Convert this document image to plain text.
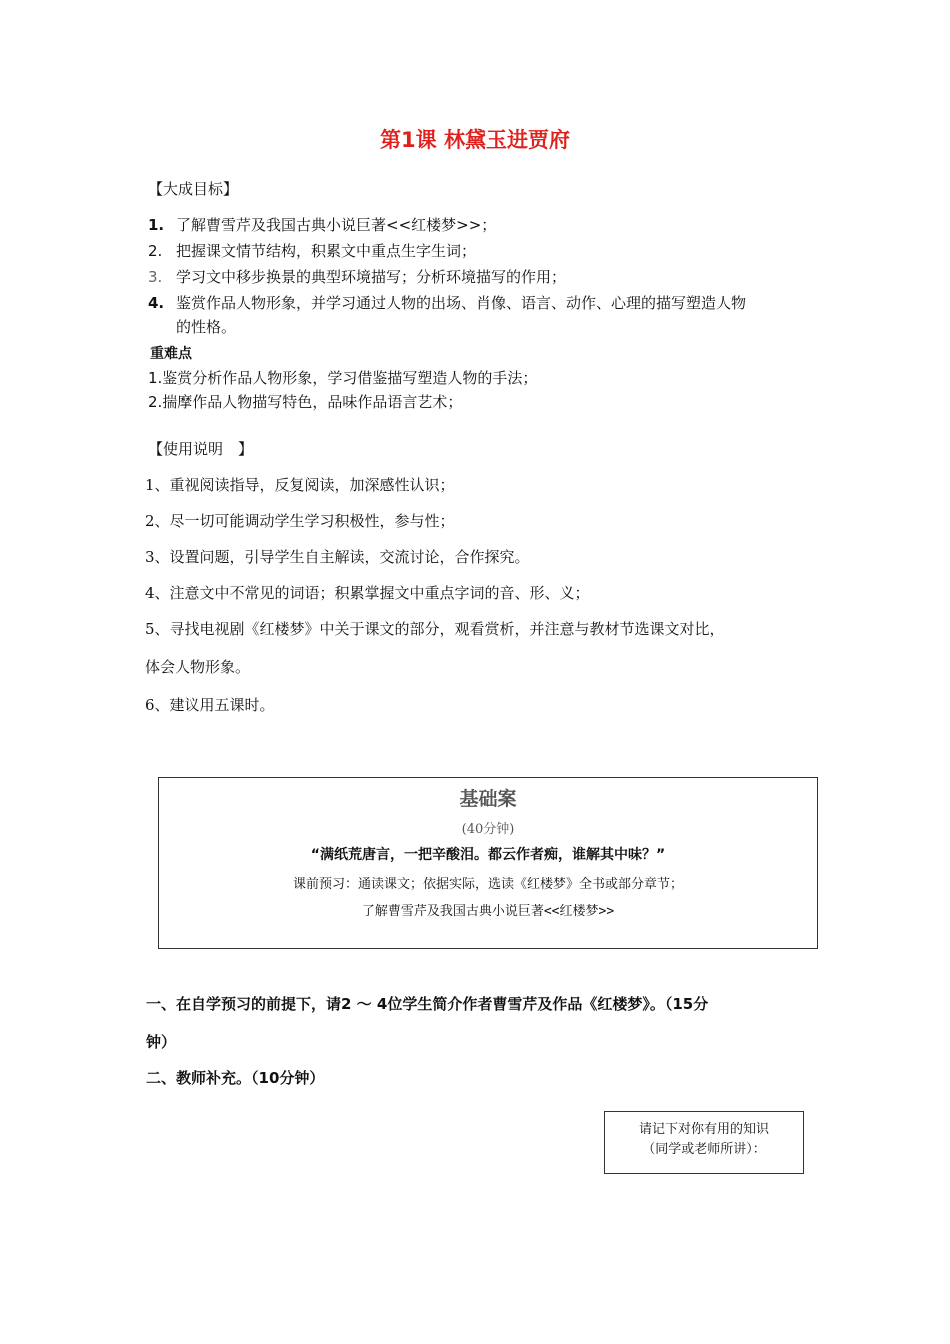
第1课 林黛玉进贾府
【大成目标】
1. 了解曹雪芹及我国古典小说巨著<<红楼梦>>；
2. 把握课文情节结构，积累文中重点生字生词；
3. 学习文中移步换景的典型环境描写；分析环境描写的作用；
4. 鉴赏作品人物形象，并学习通过人物的出场、肖像、语言、动作、心理的描写塑造人物
的性格。
重难点
1.鉴赏分析作品人物形象，学习借鉴描写塑造人物的手法；
2.揣摩作品人物描写特色，品味作品语言艺术；
【使用说明　】
1、重视阅读指导，反复阅读，加深感性认识；
2、尽一切可能调动学生学习积极性，参与性；
3、设置问题，引导学生自主解读，交流讨论，合作探究。
4、注意文中不常见的词语；积累掌握文中重点字词的音、形、义；
5、寻找电视剧《红楼梦》中关于课文的部分，观看赏析，并注意与教材节选课文对比，
体会人物形象。
6、建议用五课时。
基础案
(40分钟)
“满纸荒唐言，一把辛酸泪。都云作者痴，谁解其中味？”
课前预习：通读课文；依据实际，选读《红楼梦》全书或部分章节；
了解曹雪芹及我国古典小说巨著<<红楼梦>>
一、在自学预习的前提下，请2 ～ 4位学生简介作者曹雪芹及作品《红楼梦》。（15分
钟）
二、教师补充。（10分钟）
请记下对你有用的知识
（同学或老师所讲）：
